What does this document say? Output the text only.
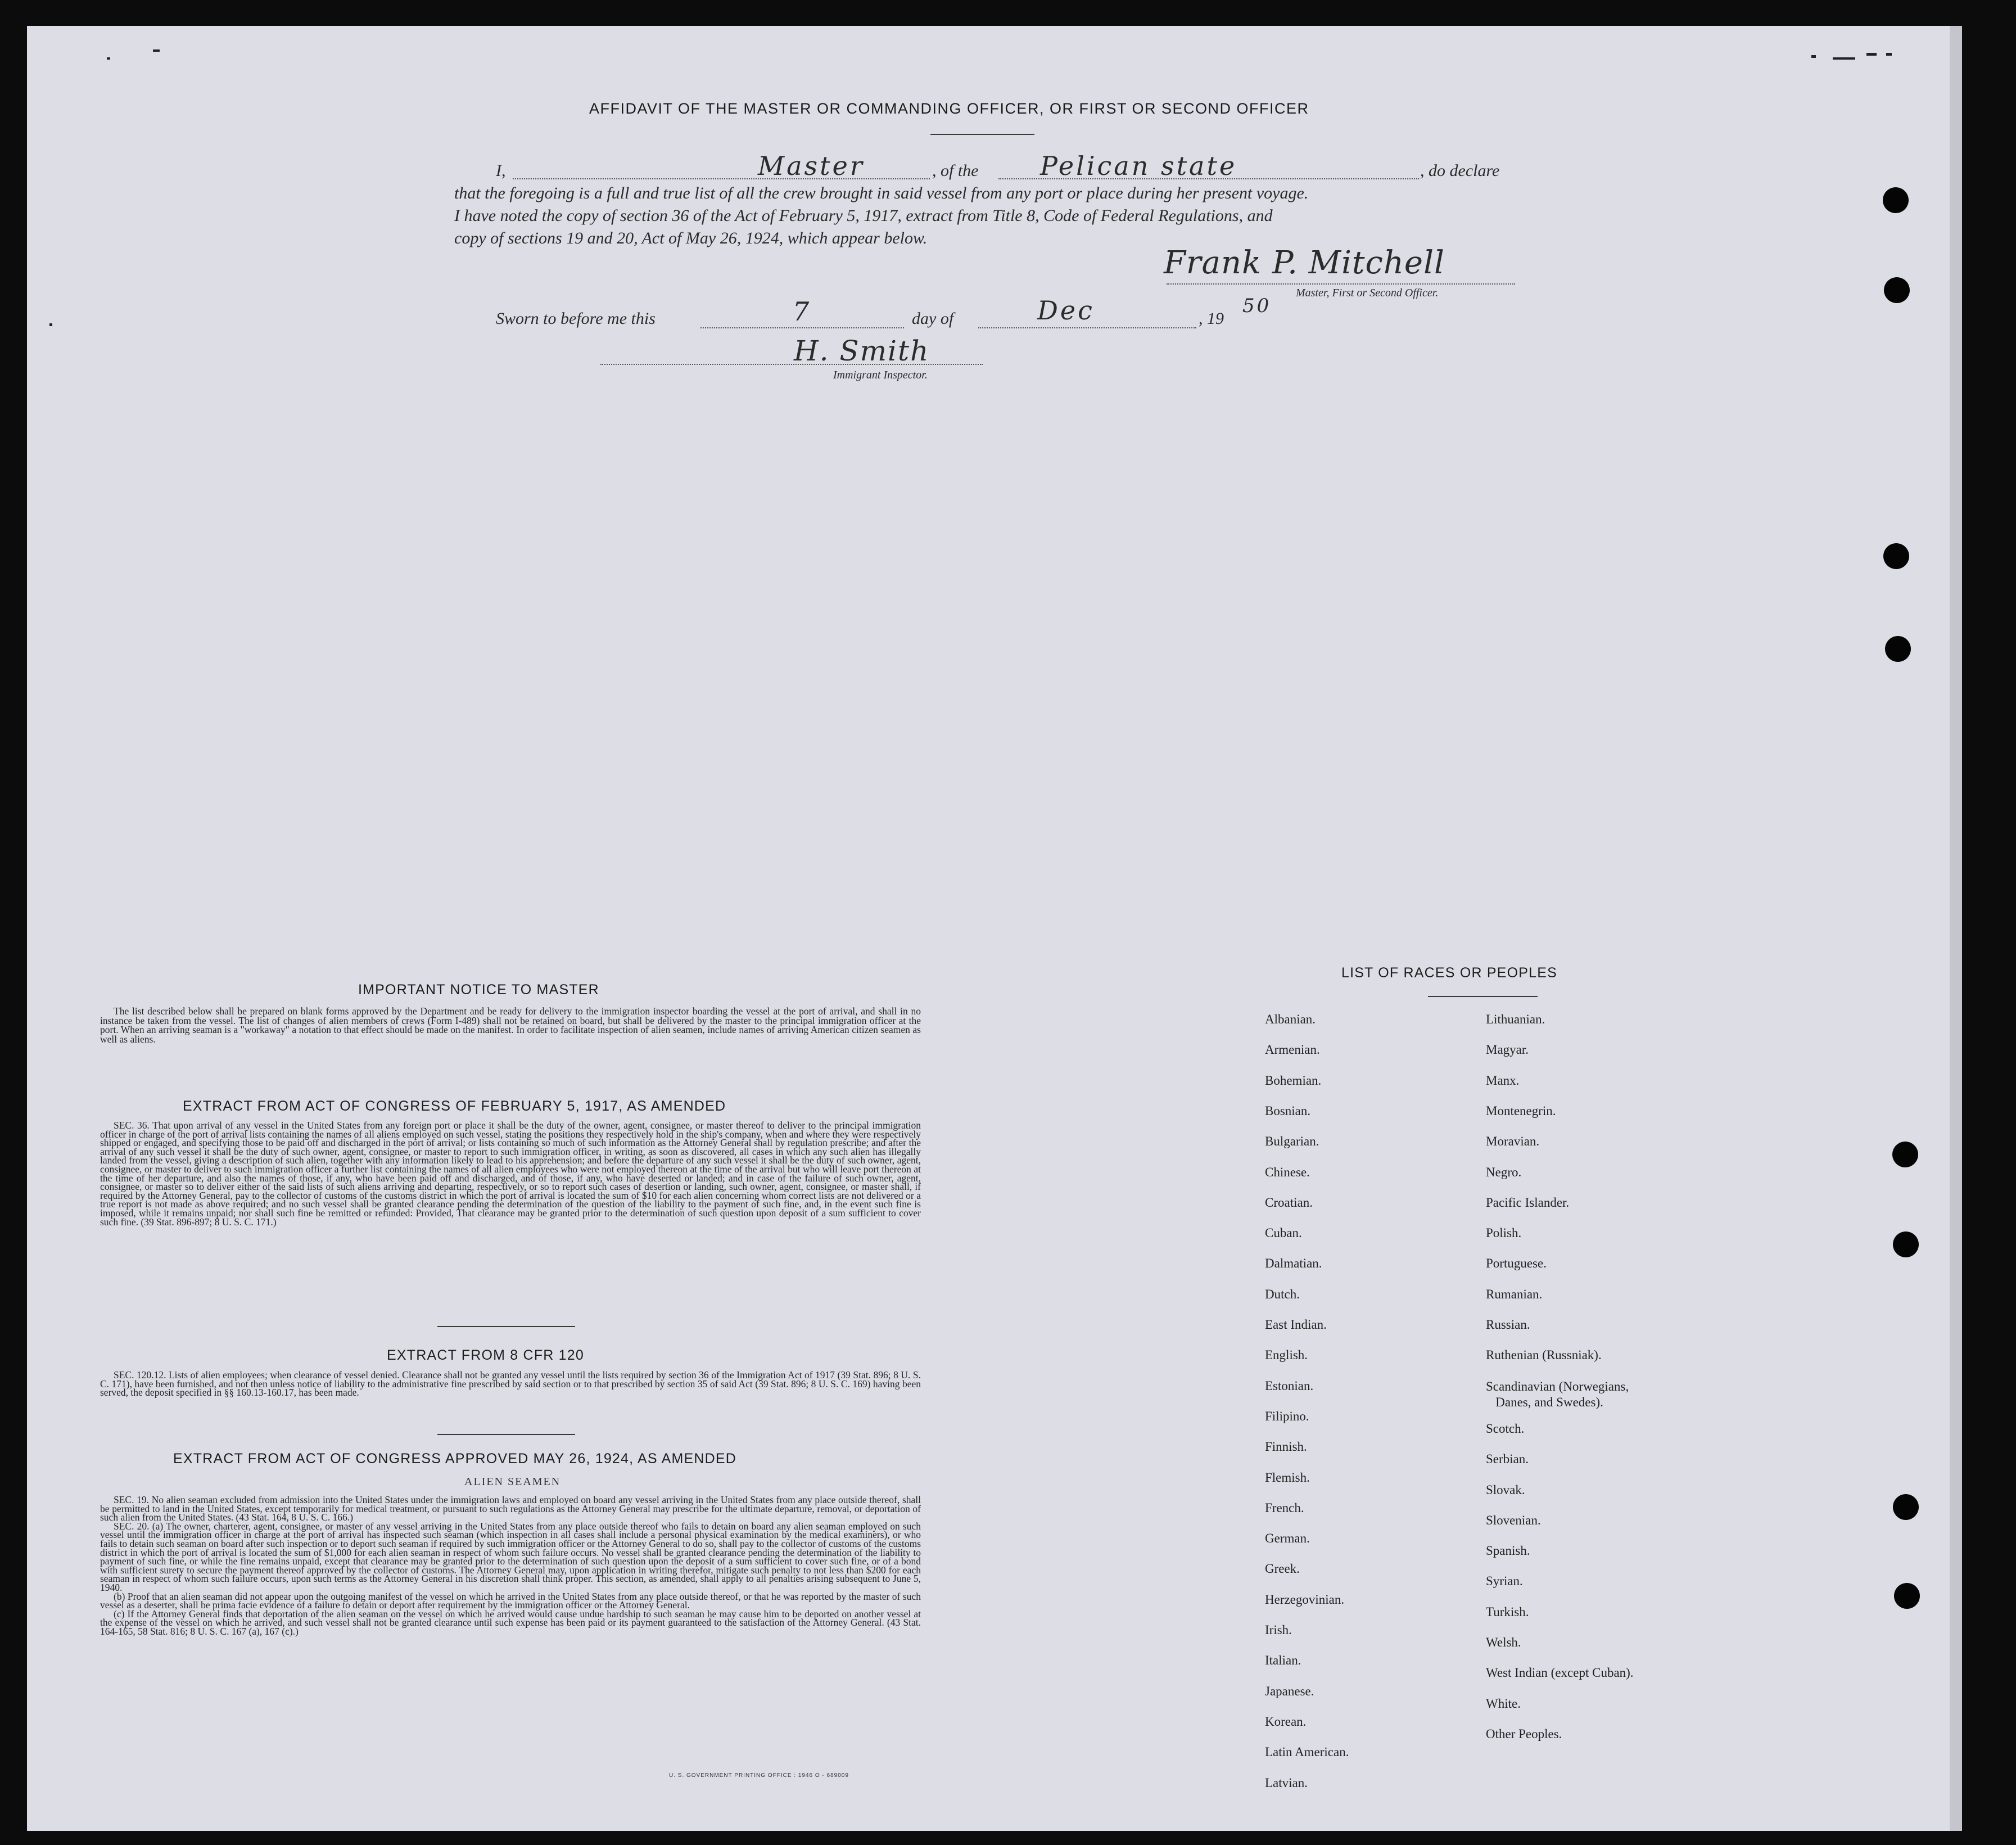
AFFIDAVIT OF THE MASTER OR COMMANDING OFFICER, OR FIRST OR SECOND OFFICER
I,	Master	, of the Pelican state	, do declare
that the foregoing is a full and true list of all the crew brought in said vessel from any port or place during her present voyage.
I have noted the copy of section 36 of the Act of February 5, 1917, extract from Title 8, Code of Federal Regulations, and
copy of sections 19 and 20, Act of May 26, 1924, which appear below.
Frank P. Mitchell
Master, First or Second Officer.
Sworn to before me this	7	day of	Dec	, 19
50
H. Smith
Immigrant Inspector.
IMPORTANT NOTICE TO MASTER

The list described below shall be prepared on blank forms approved by the Department and be ready for delivery to the immigration inspector boarding the vessel at the port of arrival, and shall in no instance be taken from the vessel. The list of changes of alien members of crews (Form I-489) shall not be retained on board, but shall be delivered by the master to the principal immigration officer at the port. When an arriving seaman is a "workaway" a notation to that effect should be made on the manifest. In order to facilitate inspection of alien seamen, include names of arriving American citizen seamen as well as aliens.

EXTRACT FROM ACT OF CONGRESS OF FEBRUARY 5, 1917, AS AMENDED

SEC. 36. That upon arrival of any vessel in the United States from any foreign port or place it shall be the duty of the owner, agent, consignee, or master thereof to deliver to the principal immigration officer in charge of the port of arrival lists containing the names of all aliens employed on such vessel, stating the positions they respectively hold in the ship's company, when and where they were respectively shipped or engaged, and specifying those to be paid off and discharged in the port of arrival; or lists containing so much of such information as the Attorney General shall by regulation prescribe; and after the arrival of any such vessel it shall be the duty of such owner, agent, consignee, or master to report to such immigration officer, in writing, as soon as discovered, all cases in which any such alien has illegally landed from the vessel, giving a description of such alien, together with any information likely to lead to his apprehension; and before the departure of any such vessel it shall be the duty of such owner, agent, consignee, or master to deliver to such immigration officer a further list containing the names of all alien employees who were not employed thereon at the time of the arrival but who will leave port thereon at the time of her departure, and also the names of those, if any, who have been paid off and discharged, and of those, if any, who have deserted or landed; and in case of the failure of such owner, agent, consignee, or master so to deliver either of the said lists of such aliens arriving and departing, respectively, or so to report such cases of desertion or landing, such owner, agent, consignee, or master shall, if required by the Attorney General, pay to the collector of customs of the customs district in which the port of arrival is located the sum of $10 for each alien concerning whom correct lists are not delivered or a true report is not made as above required; and no such vessel shall be granted clearance pending the determination of the question of the liability to the payment of such fine, and, in the event such fine is imposed, while it remains unpaid; nor shall such fine be remitted or refunded: Provided, That clearance may be granted prior to the determination of such question upon deposit of a sum sufficient to cover such fine. (39 Stat. 896-897; 8 U. S. C. 171.)

EXTRACT FROM 8 CFR 120

SEC. 120.12. Lists of alien employees; when clearance of vessel denied. Clearance shall not be granted any vessel until the lists required by section 36 of the Immigration Act of 1917 (39 Stat. 896; 8 U. S. C. 171), have been furnished, and not then unless notice of liability to the administrative fine prescribed by said section or to that prescribed by section 35 of said Act (39 Stat. 896; 8 U. S. C. 169) having been served, the deposit specified in §§ 160.13-160.17, has been made.

EXTRACT FROM ACT OF CONGRESS APPROVED MAY 26, 1924, AS AMENDED
ALIEN SEAMEN

SEC. 19. No alien seaman excluded from admission into the United States under the immigration laws and employed on board any vessel arriving in the United States from any place outside thereof, shall be permitted to land in the United States, except temporarily for medical treatment, or pursuant to such regulations as the Attorney General may prescribe for the ultimate departure, removal, or deportation of such alien from the United States. (43 Stat. 164, 8 U. S. C. 166.)

SEC. 20. (a) The owner, charterer, agent, consignee, or master of any vessel arriving in the United States from any place outside thereof who fails to detain on board any alien seaman employed on such vessel until the immigration officer in charge at the port of arrival has inspected such seaman (which inspection in all cases shall include a personal physical examination by the medical examiners), or who fails to detain such seaman on board after such inspection or to deport such seaman if required by such immigration officer or the Attorney General to do so, shall pay to the collector of customs of the customs district in which the port of arrival is located the sum of $1,000 for each alien seaman in respect of whom such failure occurs. No vessel shall be granted clearance pending the determination of the liability to payment of such fine, or while the fine remains unpaid, except that clearance may be granted prior to the determination of such question upon the deposit of a sum sufficient to cover such fine, or of a bond with sufficient surety to secure the payment thereof approved by the collector of customs. The Attorney General may, upon application in writing therefor, mitigate such penalty to not less than $200 for each seaman in respect of whom such failure occurs, upon such terms as the Attorney General in his discretion shall think proper. This section, as amended, shall apply to all penalties arising subsequent to June 5, 1940.

(b) Proof that an alien seaman did not appear upon the outgoing manifest of the vessel on which he arrived in the United States from any place outside thereof, or that he was reported by the master of such vessel as a deserter, shall be prima facie evidence of a failure to detain or deport after requirement by the immigration officer or the Attorney General.

(c) If the Attorney General finds that deportation of the alien seaman on the vessel on which he arrived would cause undue hardship to such seaman he may cause him to be deported on another vessel at the expense of the vessel on which he arrived, and such vessel shall not be granted clearance until such expense has been paid or its payment guaranteed to the satisfaction of the Attorney General. (43 Stat. 164-165, 58 Stat. 816; 8 U. S. C. 167 (a), 167 (c).)

U. S. GOVERNMENT PRINTING OFFICE : 1946 O - 689009
LIST OF RACES OR PEOPLES
Albanian.
Armenian.
Bohemian.
Bosnian.
Bulgarian.
Chinese.
Croatian.
Cuban.
Dalmatian.
Dutch.
East Indian.
English.
Estonian.
Filipino.
Finnish.
Flemish.
French.
German.
Greek.
Herzegovinian.
Irish.
Italian.
Japanese.
Korean.
Latin American.
Latvian.
Lithuanian.
Magyar.
Manx.
Montenegrin.
Moravian.
Negro.
Pacific Islander.
Polish.
Portuguese.
Rumanian.
Russian.
Ruthenian (Russniak).
Scandinavian (Norwegians,
Danes, and Swedes).
Scotch.
Serbian.
Slovak.
Slovenian.
Spanish.
Syrian.
Turkish.
Welsh.
West Indian (except Cuban).
White.
Other Peoples.
